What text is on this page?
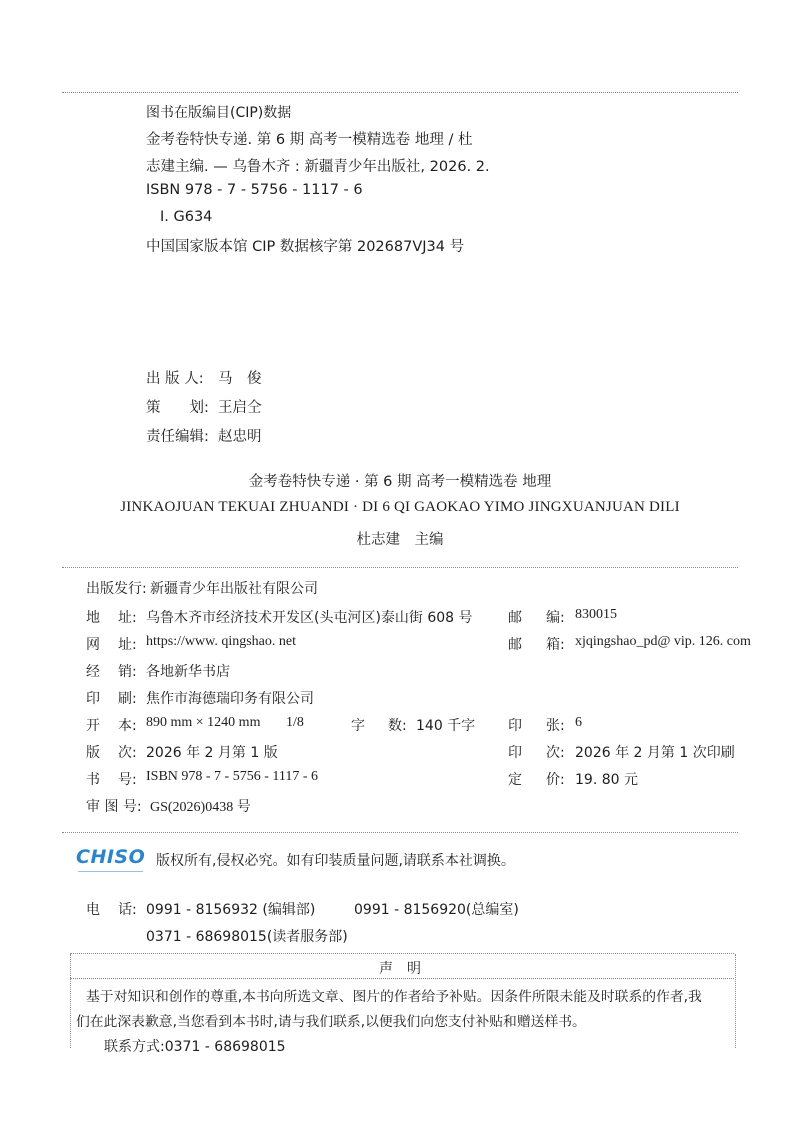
图书在版编目(CIP)数据
金考卷特快专递. 第 6 期 高考一模精选卷 地理 / 杜
志建主编. — 乌鲁木齐 : 新疆青少年出版社, 2026. 2.
ISBN 978 - 7 - 5756 - 1117 - 6
Ⅰ. G634
中国国家版本馆 CIP 数据核字第 202687VJ34 号
出 版 人: 马　俊
策　　划: 王启仝
责任编辑: 赵忠明
金考卷特快专递 · 第 6 期 高考一模精选卷 地理
JINKAOJUAN TEKUAI ZHUANDI · DI 6 QI GAOKAO YIMO JINGXUANJUAN DILI
杜志建　主编
出版发行: 新疆青少年出版社有限公司
地 址: 乌鲁木齐市经济技术开发区(头屯河区)泰山街 608 号	邮 编: 830015
网 址: https://www. qingshao. net	邮 箱: xjqingshao_pd@ vip. 126. com
经 销: 各地新华书店
印 刷: 焦作市海德瑞印务有限公司
开 本: 890 mm × 1240 mm 1/8	字 数: 140 千字 印 张: 6
版 次: 2026 年 2 月第 1 版	印 次: 2026 年 2 月第 1 次印刷
书 号: ISBN 978 - 7 - 5756 - 1117 - 6	定 价: 19. 80 元
审 图 号: GS(2026)0438 号
CHISO 版权所有,侵权必究。如有印装质量问题,请联系本社调换。
电 话: 0991 - 8156932 (编辑部)	0991 - 8156920(总编室)
0371 - 68698015(读者服务部)
声　明
基于对知识和创作的尊重,本书向所选文章、图片的作者给予补贴。因条件所限未能及时联系的作者,我
们在此深表歉意,当您看到本书时,请与我们联系,以便我们向您支付补贴和赠送样书。
联系方式:0371 - 68698015
